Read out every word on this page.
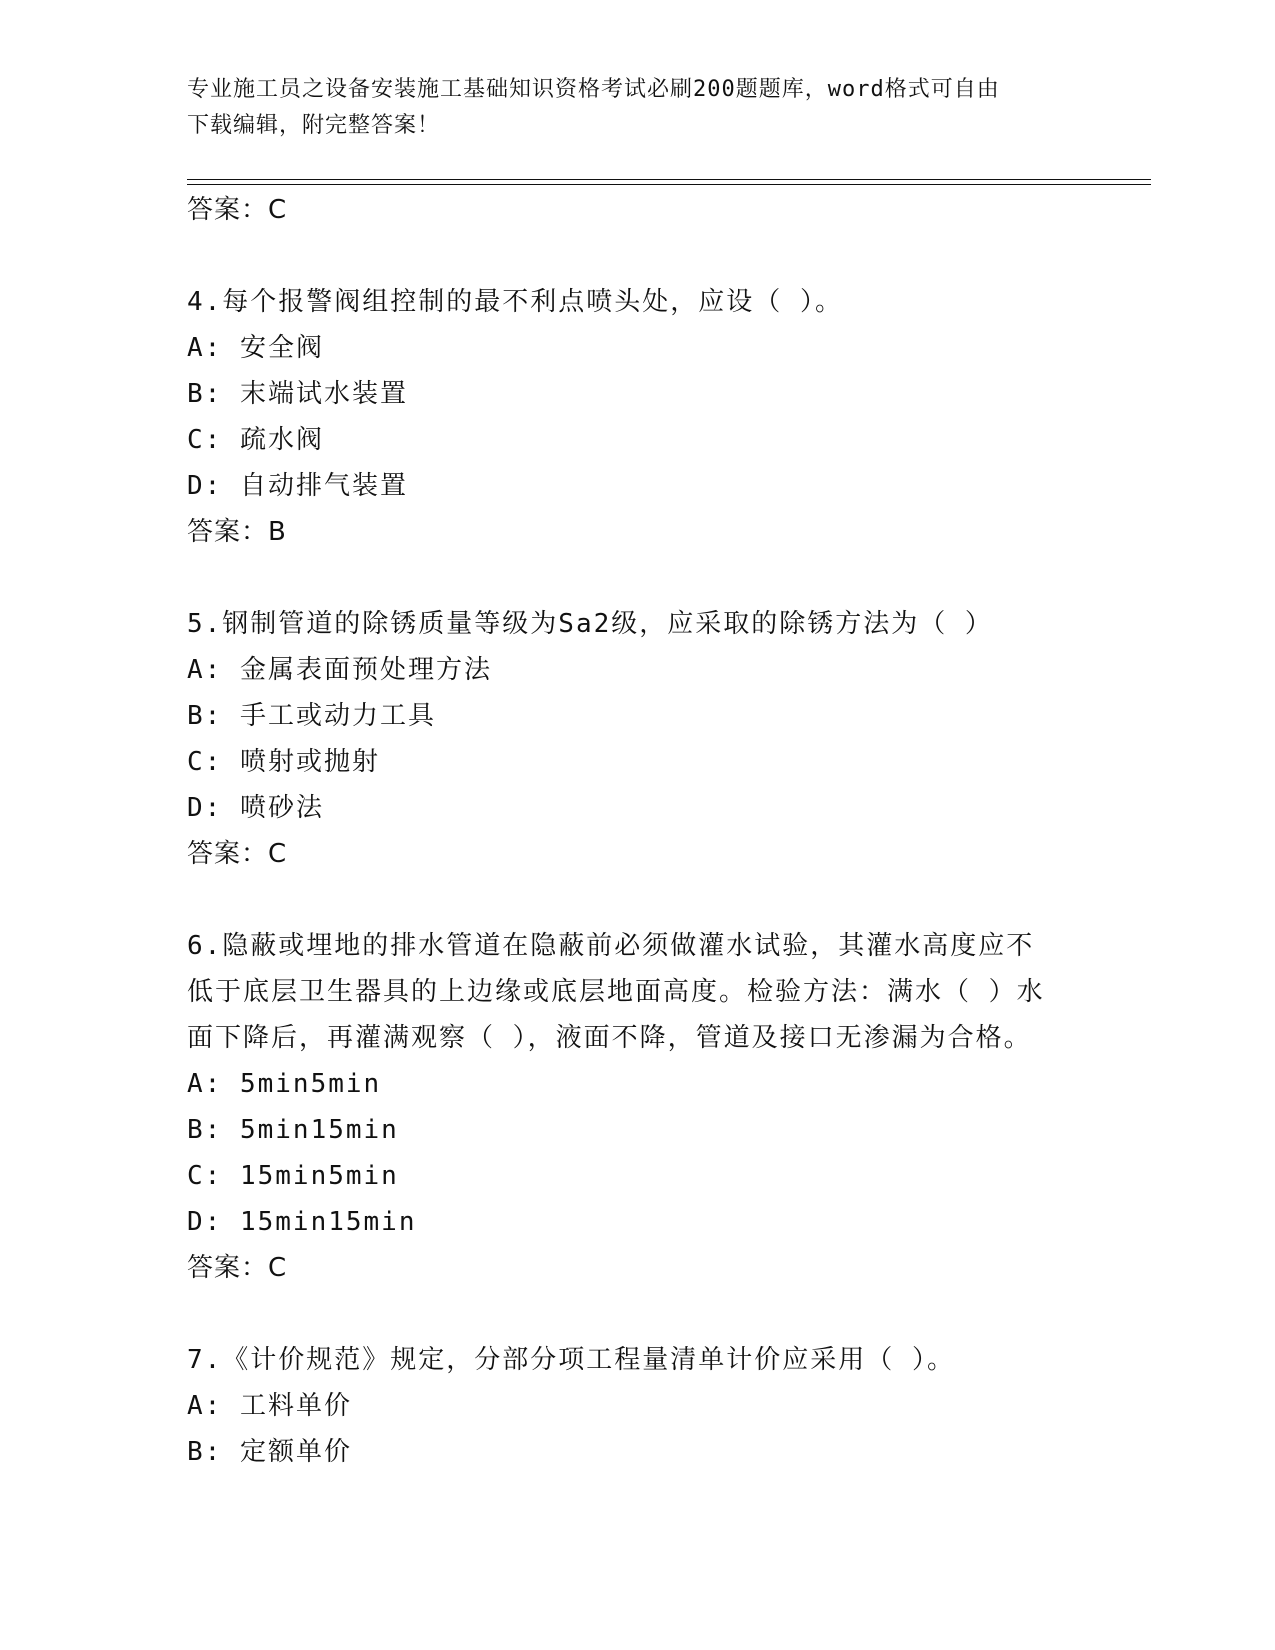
专业施工员之设备安装施工基础知识资格考试必刷200题题库，word格式可自由
下载编辑，附完整答案！
答案：C
4.每个报警阀组控制的最不利点喷头处，应设（ ）。
A: 安全阀
B: 末端试水装置
C: 疏水阀
D: 自动排气装置
答案：B
5.钢制管道的除锈质量等级为Sa2级，应采取的除锈方法为（ ）
A: 金属表面预处理方法
B: 手工或动力工具
C: 喷射或抛射
D: 喷砂法
答案：C
6.隐蔽或埋地的排水管道在隐蔽前必须做灌水试验，其灌水高度应不
低于底层卫生器具的上边缘或底层地面高度。检验方法：满水（ ）水
面下降后，再灌满观察（ ），液面不降，管道及接口无渗漏为合格。
A: 5min5min
B: 5min15min
C: 15min5min
D: 15min15min
答案：C
7.《计价规范》规定，分部分项工程量清单计价应采用（ ）。
A: 工料单价
B: 定额单价
